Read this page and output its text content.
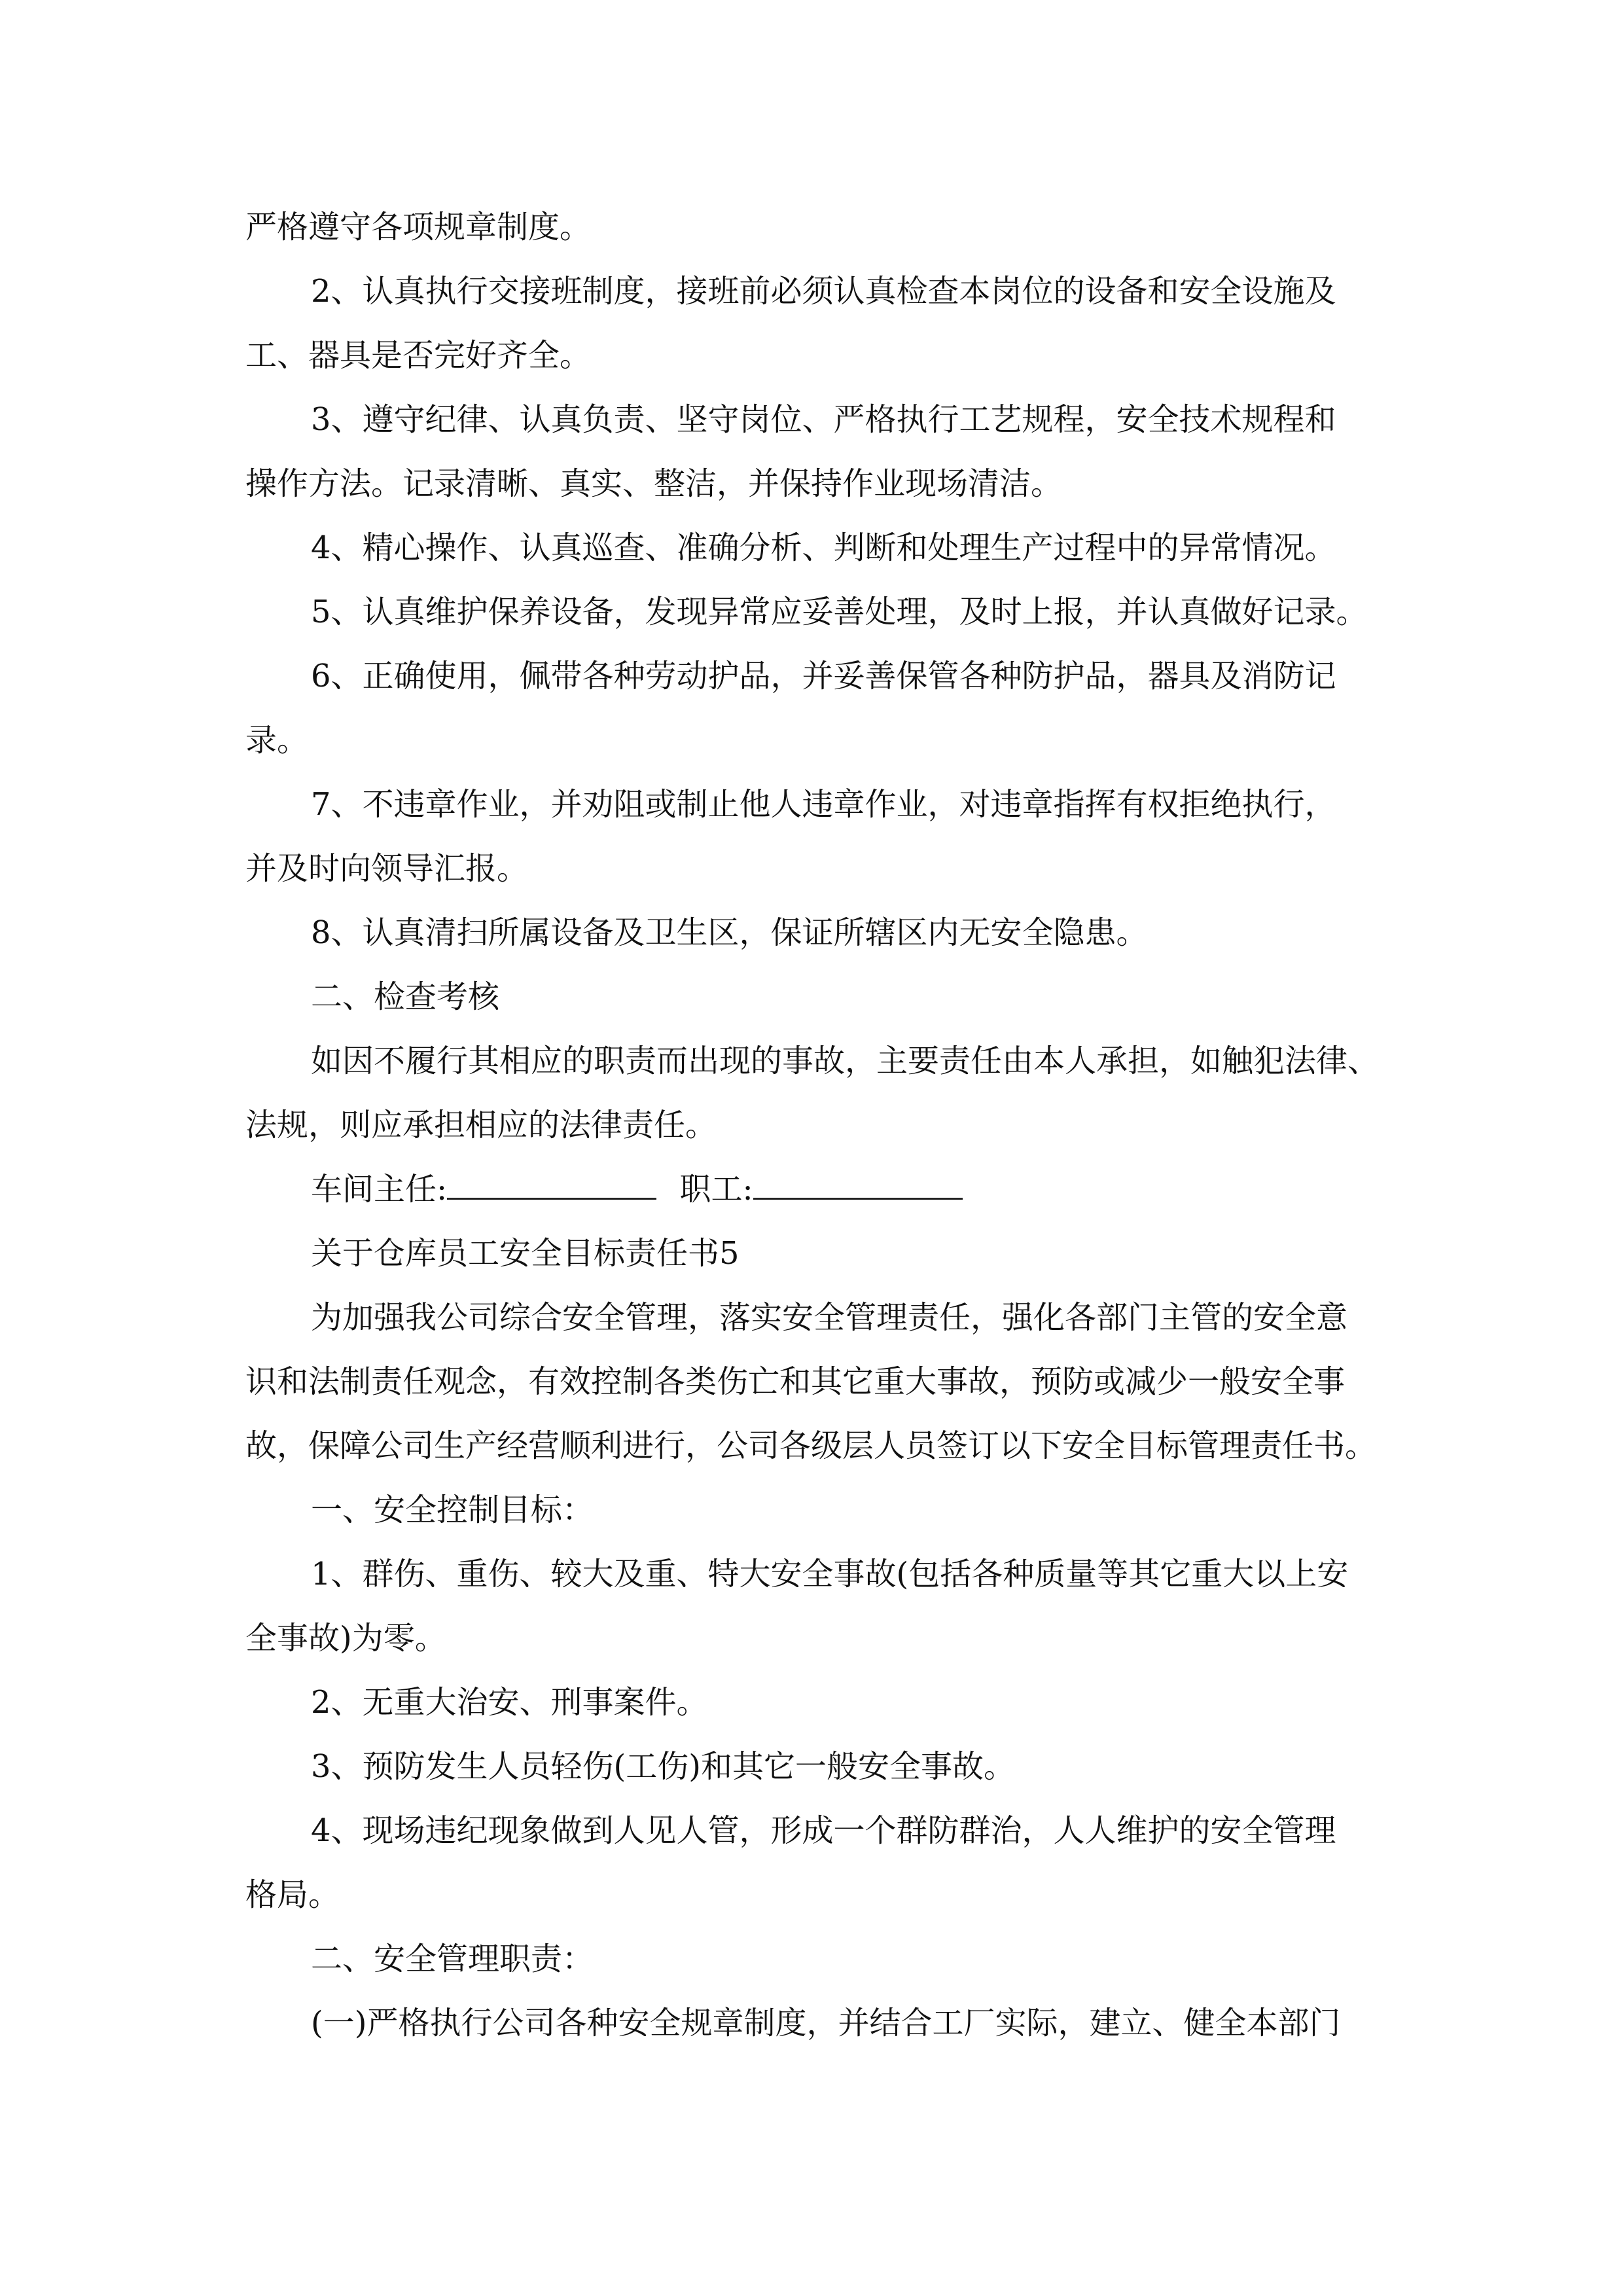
严格遵守各项规章制度。

2、认真执行交接班制度，接班前必须认真检查本岗位的设备和安全设施及

工、器具是否完好齐全。

3、遵守纪律、认真负责、坚守岗位、严格执行工艺规程，安全技术规程和

操作方法。记录清晰、真实、整洁，并保持作业现场清洁。

4、精心操作、认真巡查、准确分析、判断和处理生产过程中的异常情况。

5、认真维护保养设备，发现异常应妥善处理，及时上报，并认真做好记录。

6、正确使用，佩带各种劳动护品，并妥善保管各种防护品，器具及消防记

录。

7、不违章作业，并劝阻或制止他人违章作业，对违章指挥有权拒绝执行，

并及时向领导汇报。

8、认真清扫所属设备及卫生区，保证所辖区内无安全隐患。

二、检查考核

如因不履行其相应的职责而出现的事故，主要责任由本人承担，如触犯法律、

法规，则应承担相应的法律责任。

车间主任:	职工:

关于仓库员工安全目标责任书5

为加强我公司综合安全管理，落实安全管理责任，强化各部门主管的安全意

识和法制责任观念，有效控制各类伤亡和其它重大事故，预防或减少一般安全事

故，保障公司生产经营顺利进行，公司各级层人员签订以下安全目标管理责任书。

一、安全控制目标：

1、群伤、重伤、较大及重、特大安全事故(包括各种质量等其它重大以上安

全事故)为零。

2、无重大治安、刑事案件。

3、预防发生人员轻伤(工伤)和其它一般安全事故。

4、现场违纪现象做到人见人管，形成一个群防群治，人人维护的安全管理

格局。

二、安全管理职责：

(一)严格执行公司各种安全规章制度，并结合工厂实际，建立、健全本部门
